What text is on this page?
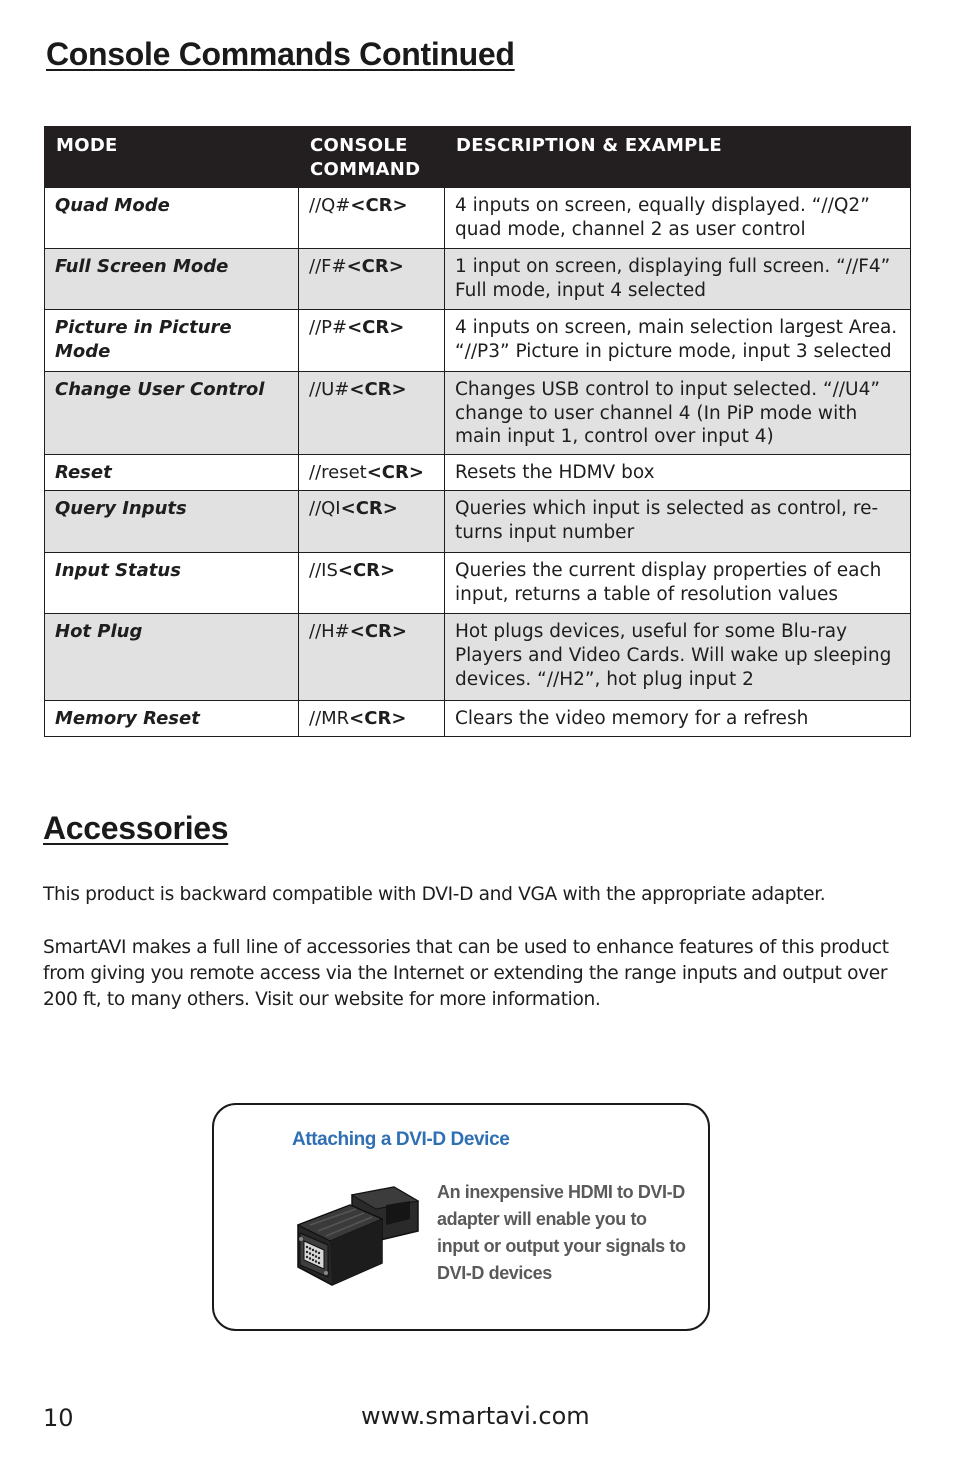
Console Commands Continued
MODE	CONSOLE COMMAND	DESCRIPTION & EXAMPLE
Quad Mode	//Q#<CR>	4 inputs on screen, equally displayed. “//Q2” quad mode, channel 2 as user control
Full Screen Mode	//F#<CR>	1 input on screen, displaying full screen. “//F4” Full mode, input 4 selected
Picture in Picture Mode	//P#<CR>	4 inputs on screen, main selection largest Area. “//P3” Picture in picture mode, input 3 selected
Change User Control	//U#<CR>	Changes USB control to input selected. “//U4” change to user channel 4 (In PiP mode with main input 1, control over input 4)
Reset	//reset<CR>	Resets the HDMV box
Query Inputs	//QI<CR>	Queries which input is selected as control, re-turns input number
Input Status	//IS<CR>	Queries the current display properties of each input, returns a table of resolution values
Hot Plug	//H#<CR>	Hot plugs devices, useful for some Blu-ray Players and Video Cards. Will wake up sleeping devices. “//H2”, hot plug input 2
Memory Reset	//MR<CR>	Clears the video memory for a refresh
Accessories

This product is backward compatible with DVI-D and VGA with the appropriate adapter.

SmartAVI makes a full line of accessories that can be used to enhance features of this product from giving you remote access via the Internet or extending the range inputs and output over 200 ft, to many others. Visit our website for more information.

Attaching a DVI-D Device

An inexpensive HDMI to DVI-D adapter will enable you to input or output your signals to DVI-D devices

10	www.smartavi.com
